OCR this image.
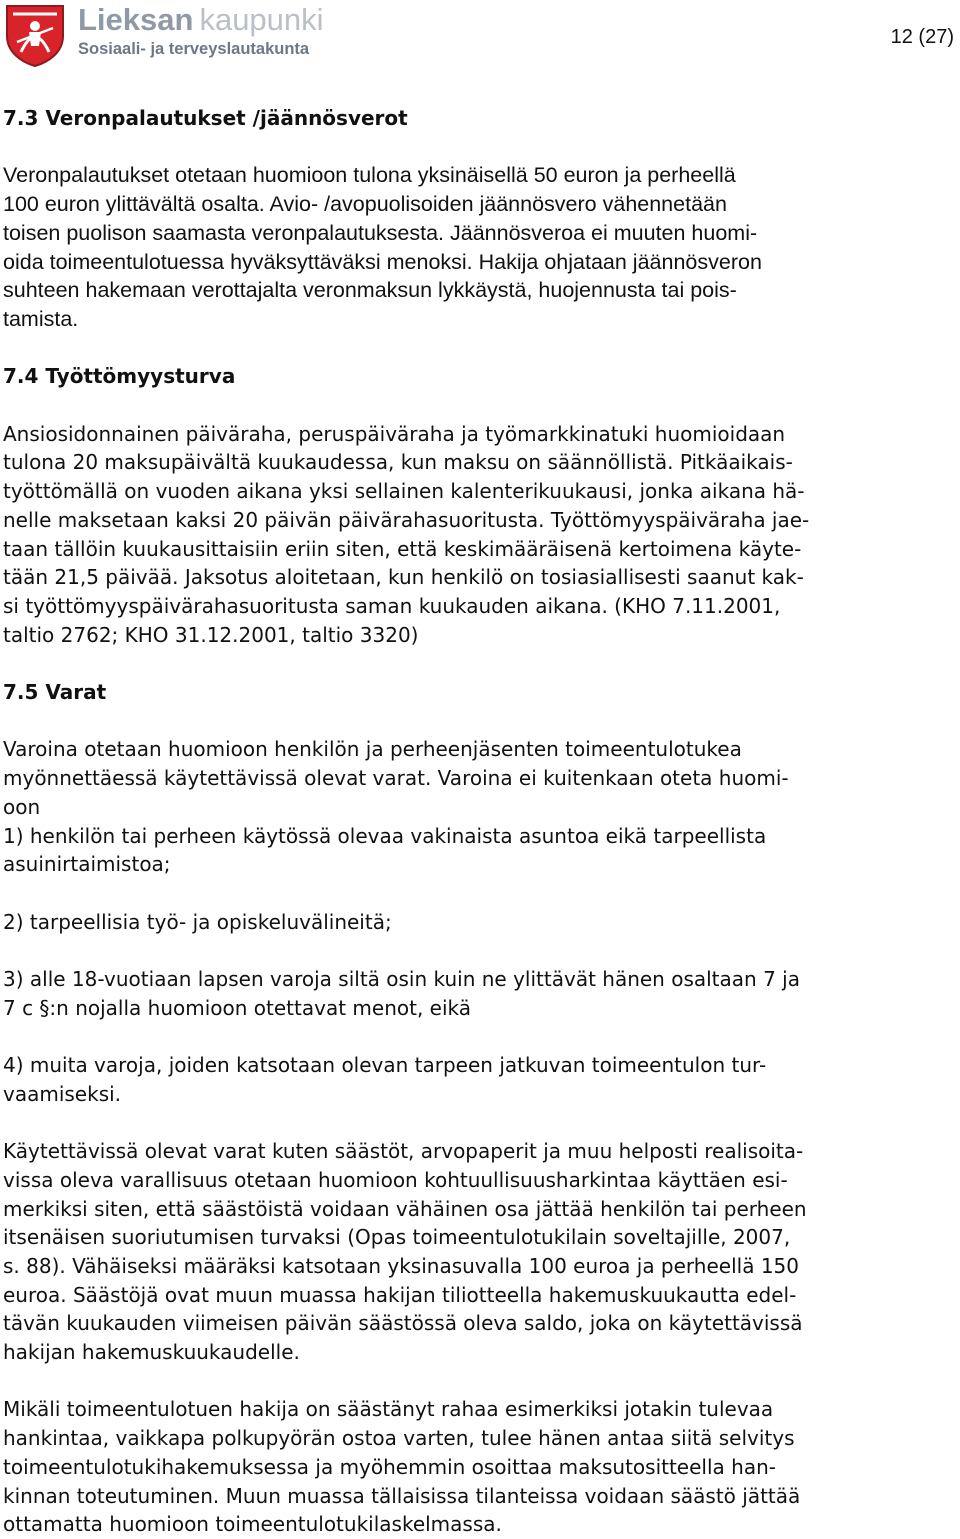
Lieksan kaupunki
Sosiaali- ja terveyslautakunta
12 (27)
7.3 Veronpalautukset /jäännösverot

Veronpalautukset otetaan huomioon tulona yksinäisellä 50 euron ja perheellä
100 euron ylittävältä osalta. Avio- /avopuolisoiden jäännösvero vähennetään
toisen puolison saamasta veronpalautuksesta. Jäännösveroa ei muuten huomi-
oida toimeentulotuessa hyväksyttäväksi menoksi. Hakija ohjataan jäännösveron
suhteen hakemaan verottajalta veronmaksun lykkäystä, huojennusta tai pois-
tamista.

7.4 Työttömyysturva

Ansiosidonnainen päiväraha, peruspäiväraha ja työmarkkinatuki huomioidaan
tulona 20 maksupäivältä kuukaudessa, kun maksu on säännöllistä. Pitkäaikais-
työttömällä on vuoden aikana yksi sellainen kalenterikuukausi, jonka aikana hä-
nelle maksetaan kaksi 20 päivän päivärahasuoritusta. Työttömyyspäiväraha jae-
taan tällöin kuukausittaisiin eriin siten, että keskimääräisenä kertoimena käyte-
tään 21,5 päivää. Jaksotus aloitetaan, kun henkilö on tosiasiallisesti saanut kak-
si työttömyyspäivärahasuoritusta saman kuukauden aikana. (KHO 7.11.2001,
taltio 2762; KHO 31.12.2001, taltio 3320)

7.5 Varat

Varoina otetaan huomioon henkilön ja perheenjäsenten toimeentulotukea
myönnettäessä käytettävissä olevat varat. Varoina ei kuitenkaan oteta huomi-
oon
1) henkilön tai perheen käytössä olevaa vakinaista asuntoa eikä tarpeellista
asuinirtaimistoa;

2) tarpeellisia työ- ja opiskeluvälineitä;

3) alle 18-vuotiaan lapsen varoja siltä osin kuin ne ylittävät hänen osaltaan 7 ja
7 c §:n nojalla huomioon otettavat menot, eikä

4) muita varoja, joiden katsotaan olevan tarpeen jatkuvan toimeentulon tur-
vaamiseksi.

Käytettävissä olevat varat kuten säästöt, arvopaperit ja muu helposti realisoita-
vissa oleva varallisuus otetaan huomioon kohtuullisuusharkintaa käyttäen esi-
merkiksi siten, että säästöistä voidaan vähäinen osa jättää henkilön tai perheen
itsenäisen suoriutumisen turvaksi (Opas toimeentulotukilain soveltajille, 2007,
s. 88). Vähäiseksi määräksi katsotaan yksinasuvalla 100 euroa ja perheellä 150
euroa. Säästöjä ovat muun muassa hakijan tiliotteella hakemuskuukautta edel-
tävän kuukauden viimeisen päivän säästössä oleva saldo, joka on käytettävissä
hakijan hakemuskuukaudelle.

Mikäli toimeentulotuen hakija on säästänyt rahaa esimerkiksi jotakin tulevaa
hankintaa, vaikkapa polkupyörän ostoa varten, tulee hänen antaa siitä selvitys
toimeentulotukihakemuksessa ja myöhemmin osoittaa maksutositteella han-
kinnan toteutuminen. Muun muassa tällaisissa tilanteissa voidaan säästö jättää
ottamatta huomioon toimeentulotukilaskelmassa.
